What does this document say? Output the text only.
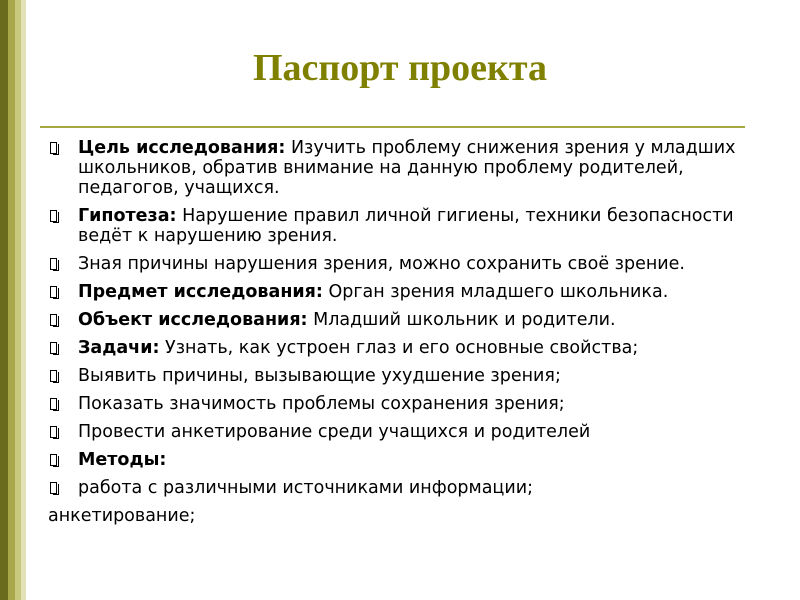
Паспорт проекта
Цель исследования: Изучить проблему снижения зрения у младших школьников, обратив внимание на данную проблему родителей, педагогов, учащихся.
Гипотеза: Нарушение правил личной гигиены, техники безопасности ведёт к нарушению зрения.
Зная причины нарушения зрения, можно сохранить своё зрение.
Предмет исследования: Орган зрения младшего школьника.
Объект исследования: Младший школьник и родители.
Задачи: Узнать, как устроен глаз и его основные свойства;
Выявить причины, вызывающие ухудшение зрения;
Показать значимость проблемы сохранения зрения;
Провести анкетирование среди учащихся и родителей
Методы:
работа с различными источниками информации;
анкетирование;
